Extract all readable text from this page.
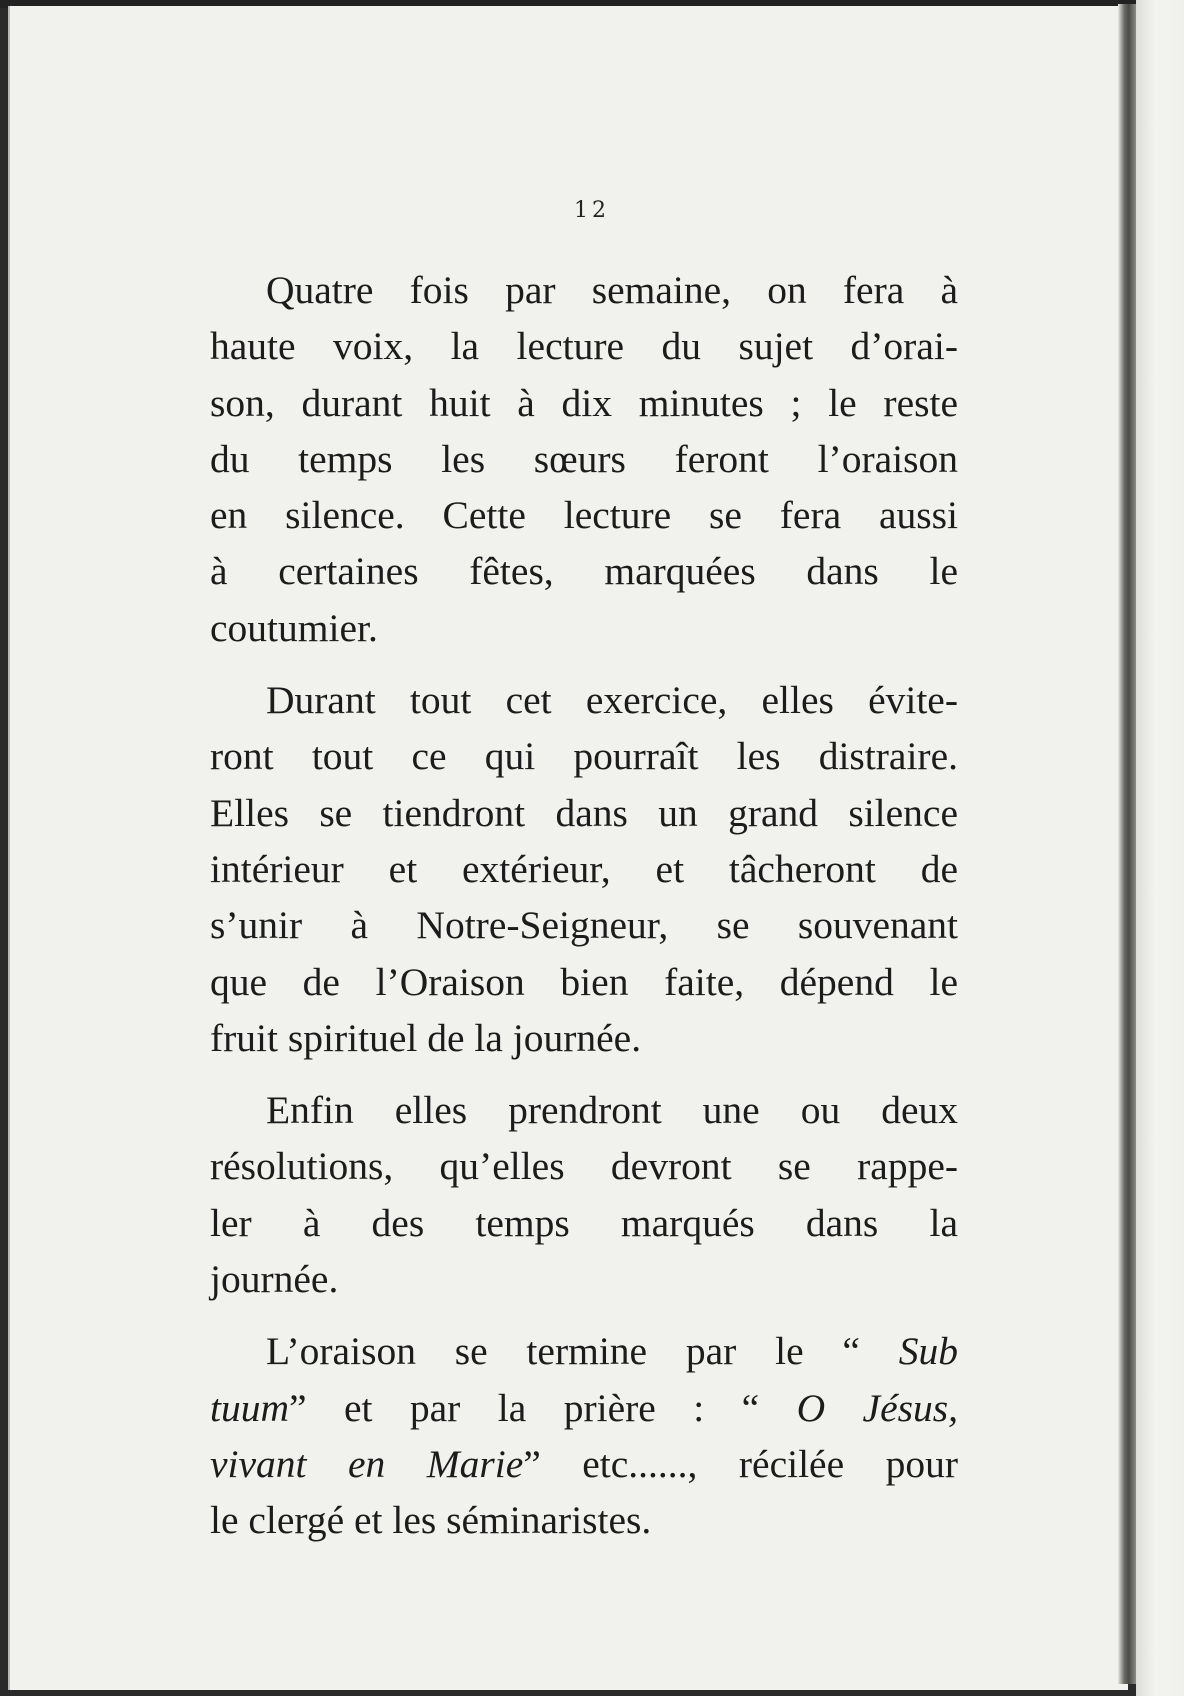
12
Quatre fois par semaine, on fera à
haute voix, la lecture du sujet d’orai-
son, durant huit à dix minutes ; le reste
du temps les sœurs feront l’oraison
en silence. Cette lecture se fera aussi
à certaines fêtes, marquées dans le
coutumier.
Durant tout cet exercice, elles évite-
ront tout ce qui pourraît les distraire.
Elles se tiendront dans un grand silence
intérieur et extérieur, et tâcheront de
s’unir à Notre-Seigneur, se souvenant
que de l’Oraison bien faite, dépend le
fruit spirituel de la journée.
Enfin elles prendront une ou deux
résolutions, qu’elles devront se rappe-
ler à des temps marqués dans la
journée.
L’oraison se termine par le “ Sub
tuum” et par la prière : “ O Jésus,
vivant en Marie” etc......, récilée pour
le clergé et les séminaristes.
